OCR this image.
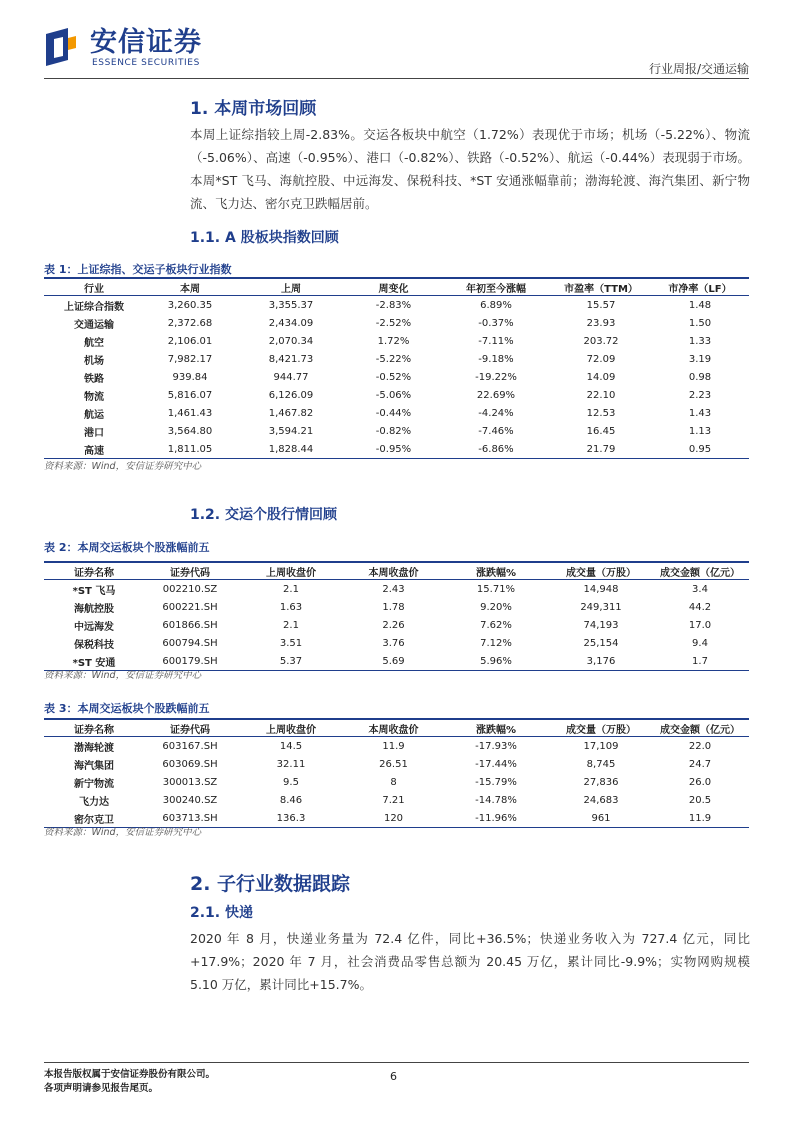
安信证券
ESSENCE SECURITIES	行业周报/交通运输
1. 本周市场回顾
本周上证综指较上周-2.83%。交运各板块中航空（1.72%）表现优于市场；机场（-5.22%）、物流（-5.06%）、高速（-0.95%）、港口（-0.82%）、铁路（-0.52%）、航运（-0.44%）表现弱于市场。本周*ST 飞马、海航控股、中远海发、保税科技、*ST 安通涨幅靠前；渤海轮渡、海汽集团、新宁物流、飞力达、密尔克卫跌幅居前。
1.1. A 股板块指数回顾
表 1：上证综指、交运子板块行业指数
行业	本周	上周	周变化	年初至今涨幅	市盈率（TTM）	市净率（LF）
上证综合指数	3,260.35	3,355.37	-2.83%	6.89%	15.57	1.48
交通运输	2,372.68	2,434.09	-2.52%	-0.37%	23.93	1.50
航空	2,106.01	2,070.34	1.72%	-7.11%	203.72	1.33
机场	7,982.17	8,421.73	-5.22%	-9.18%	72.09	3.19
铁路	939.84	944.77	-0.52%	-19.22%	14.09	0.98
物流	5,816.07	6,126.09	-5.06%	22.69%	22.10	2.23
航运	1,461.43	1,467.82	-0.44%	-4.24%	12.53	1.43
港口	3,564.80	3,594.21	-0.82%	-7.46%	16.45	1.13
高速	1,811.05	1,828.44	-0.95%	-6.86%	21.79	0.95
资料来源：Wind，安信证券研究中心
1.2. 交运个股行情回顾
表 2：本周交运板块个股涨幅前五
证券名称	证券代码	上周收盘价	本周收盘价	涨跌幅%	成交量（万股）	成交金额（亿元）
*ST 飞马	002210.SZ	2.1	2.43	15.71%	14,948	3.4
海航控股	600221.SH	1.63	1.78	9.20%	249,311	44.2
中远海发	601866.SH	2.1	2.26	7.62%	74,193	17.0
保税科技	600794.SH	3.51	3.76	7.12%	25,154	9.4
*ST 安通	600179.SH	5.37	5.69	5.96%	3,176	1.7
资料来源：Wind，安信证券研究中心
表 3：本周交运板块个股跌幅前五
证券名称	证券代码	上周收盘价	本周收盘价	涨跌幅%	成交量（万股）	成交金额（亿元）
渤海轮渡	603167.SH	14.5	11.9	-17.93%	17,109	22.0
海汽集团	603069.SH	32.11	26.51	-17.44%	8,745	24.7
新宁物流	300013.SZ	9.5	8	-15.79%	27,836	26.0
飞力达	300240.SZ	8.46	7.21	-14.78%	24,683	20.5
密尔克卫	603713.SH	136.3	120	-11.96%	961	11.9
资料来源：Wind，安信证券研究中心
2. 子行业数据跟踪
2.1. 快递
2020 年 8 月，快递业务量为 72.4 亿件，同比+36.5%；快递业务收入为 727.4 亿元，同比+17.9%；2020 年 7 月，社会消费品零售总额为 20.45 万亿，累计同比-9.9%；实物网购规模 5.10 万亿，累计同比+15.7%。
本报告版权属于安信证券股份有限公司。
各项声明请参见报告尾页。
6
